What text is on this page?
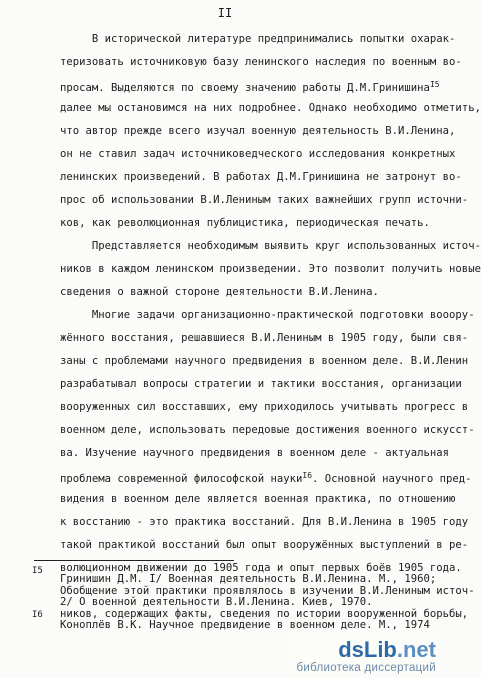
II
В исторической литературе предпринимались попытки охарак-
теризовать источниковую базу ленинского наследия по военным во-
просам. Выделяются по своему значению работы Д.М.Гринишина$^{I5}$
далее мы остановимся на них подробнее. Однако необходимо отметить,
что автор прежде всего изучал военную деятельность В.И.Ленина,
он не ставил задач источниковедческого исследования конкретных
ленинских произведений. В работах Д.М.Гринишина не затронут во-
прос об использовании В.И.Лениным таких важнейших групп источни-
ков, как революционная публицистика, периодическая печать.
Представляется необходимым выявить круг использованных источ-
ников в каждом ленинском произведении. Это позволит получить новые
сведения о важной стороне деятельности В.И.Ленина.
Многие задачи организационно-практической подготовки вооору-
жённого восстания, решавшиеся В.И.Лениным в 1905 году, были свя-
заны с проблемами научного предвидения в военном деле. В.И.Ленин
разрабатывал вопросы стратегии и тактики восстания, организации
вооруженных сил восставших, ему приходилось учитывать прогресс в
военном деле, использовать передовые достижения военного искусст-
ва. Изучение научного предвидения в военном деле - актуальная
проблема современной философской науки$^{I6}$. Основной научного пред-
видения в военном деле является военная практика, по отношению
к восстанию - это практика восстаний. Для В.И.Ленина в 1905 году
такой практикой восстаний был опыт вооружённых выступлений в ре-
волюционном движении до 1905 года и опыт первых боёв 1905 года.
Обобщение этой практики проявлялось в изучении В.И.Лениным источ-
ников, содержащих факты, сведения по истории вооруженной борьбы,
I5
Гринишин Д.М. I/ Военная деятельность В.И.Ленина. М., 1960;
2/ О военной деятельности В.И.Ленина. Киев, 1970.
I6
Коноплёв В.К. Научное предвидение в военном деле. М., 1974
dsLib.net
библиотека диссертаций
